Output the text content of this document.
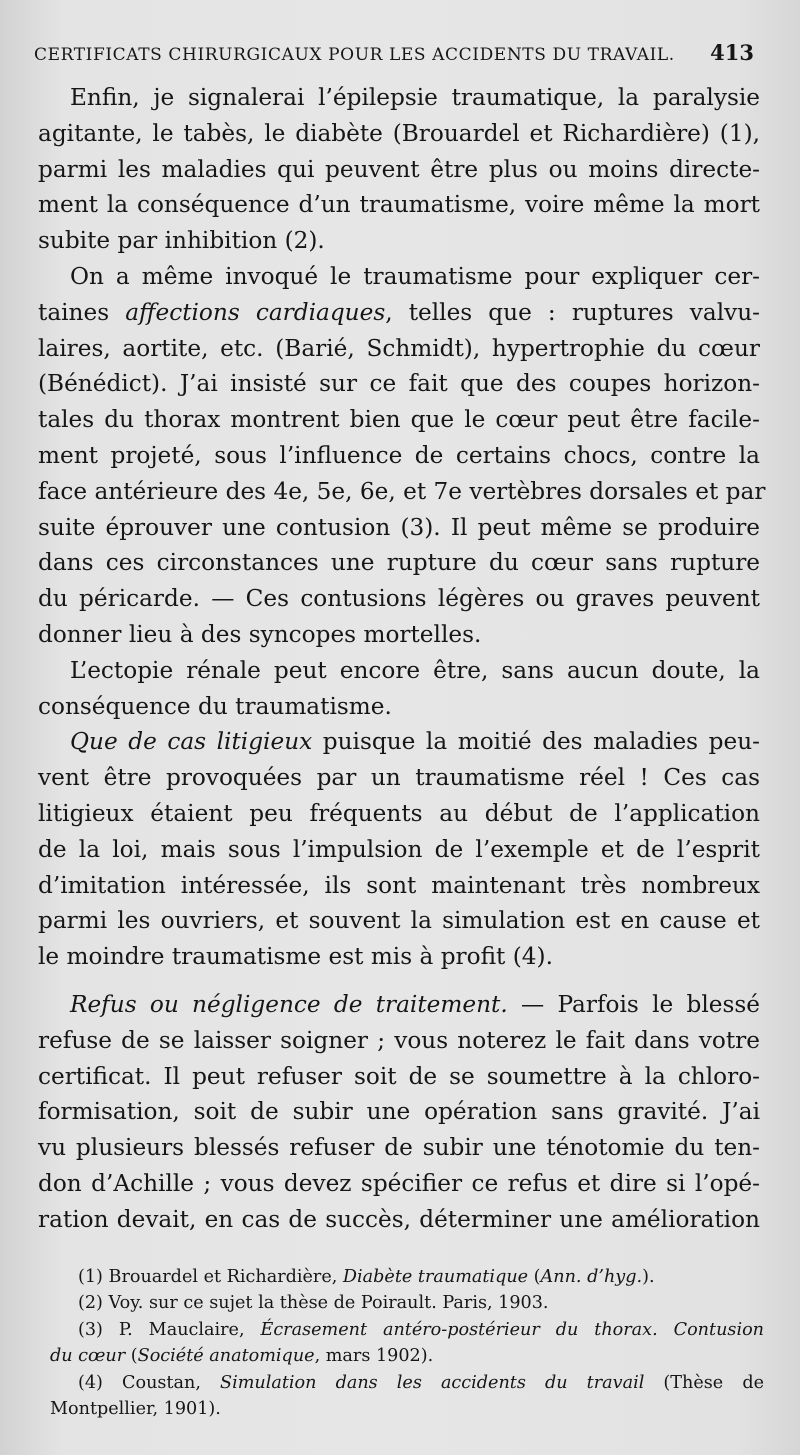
CERTIFICATS CHIRURGICAUX POUR LES ACCIDENTS DU TRAVAIL. 413
Enfin, je signalerai l’épilepsie traumatique, la paralysie
agitante, le tabès, le diabète (Brouardel et Richardière) (1),
parmi les maladies qui peuvent être plus ou moins directe-
ment la conséquence d’un traumatisme, voire même la mort
subite par inhibition (2).
On a même invoqué le traumatisme pour expliquer cer-
taines affections cardiaques, telles que : ruptures valvu-
laires, aortite, etc. (Barié, Schmidt), hypertrophie du cœur
(Bénédict). J’ai insisté sur ce fait que des coupes horizon-
tales du thorax montrent bien que le cœur peut être facile-
ment projeté, sous l’influence de certains chocs, contre la
face antérieure des 4e, 5e, 6e, et 7e vertèbres dorsales et par
suite éprouver une contusion (3). Il peut même se produire
dans ces circonstances une rupture du cœur sans rupture
du péricarde. — Ces contusions légères ou graves peuvent
donner lieu à des syncopes mortelles.
L’ectopie rénale peut encore être, sans aucun doute, la
conséquence du traumatisme.
Que de cas litigieux puisque la moitié des maladies peu-
vent être provoquées par un traumatisme réel ! Ces cas
litigieux étaient peu fréquents au début de l’application
de la loi, mais sous l’impulsion de l’exemple et de l’esprit
d’imitation intéressée, ils sont maintenant très nombreux
parmi les ouvriers, et souvent la simulation est en cause et
le moindre traumatisme est mis à profit (4).
Refus ou négligence de traitement. — Parfois le blessé
refuse de se laisser soigner ; vous noterez le fait dans votre
certificat. Il peut refuser soit de se soumettre à la chloro-
formisation, soit de subir une opération sans gravité. J’ai
vu plusieurs blessés refuser de subir une ténotomie du ten-
don d’Achille ; vous devez spécifier ce refus et dire si l’opé-
ration devait, en cas de succès, déterminer une amélioration
(1) Brouardel et Richardière, Diabète traumatique (Ann. d’hyg.).
(2) Voy. sur ce sujet la thèse de Poirault. Paris, 1903.
(3) P. Mauclaire, Écrasement antéro-postérieur du thorax. Contusion
du cœur (Société anatomique, mars 1902).
(4) Coustan, Simulation dans les accidents du travail (Thèse de
Montpellier, 1901).
